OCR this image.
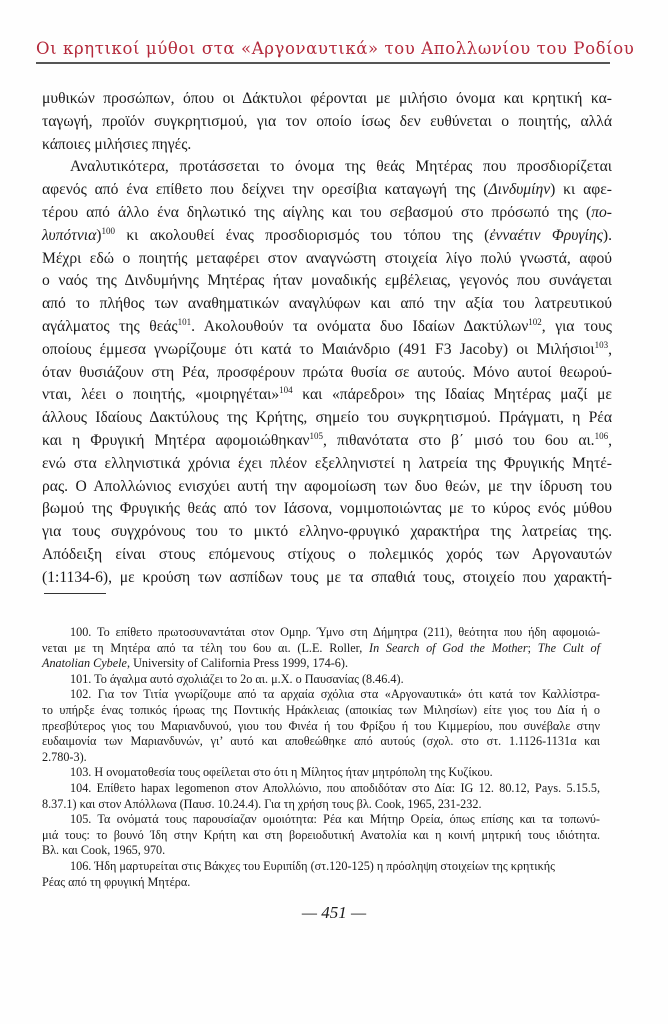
Οι κρητικοί μύθοι στα «Αργοναυτικά» του Απολλωνίου του Ροδίου
μυθικών προσώπων, όπου οι Δάκτυλοι φέρονται με μιλήσιο όνομα και κρητική κα-
ταγωγή, προϊόν συγκρητισμού, για τον οποίο ίσως δεν ευθύνεται ο ποιητής, αλλά
κάποιες μιλήσιες πηγές.
Αναλυτικότερα, προτάσσεται το όνομα της θεάς Μητέρας που προσδιορίζεται
αφενός από ένα επίθετο που δείχνει την ορεσίβια καταγωγή της (Δινδυμίην) κι αφε-
τέρου από άλλο ένα δηλωτικό της αίγλης και του σεβασμού στο πρόσωπό της (πο-
λυπότνια)$^{100}$ κι ακολουθεί ένας προσδιορισμός του τόπου της (ἐνναέτιν Φρυγίης).
Μέχρι εδώ ο ποιητής μεταφέρει στον αναγνώστη στοιχεία λίγο πολύ γνωστά, αφού
ο ναός της Δινδυμήνης Μητέρας ήταν μοναδικής εμβέλειας, γεγονός που συνάγεται
από το πλήθος των αναθηματικών αναγλύφων και από την αξία του λατρευτικού
αγάλματος της θεάς$^{101}$. Ακολουθούν τα ονόματα δυο Ιδαίων Δακτύλων$^{102}$, για τους
οποίους έμμεσα γνωρίζουμε ότι κατά το Μαιάνδριο (491 F3 Jacoby) οι Μιλήσιοι$^{103}$,
όταν θυσιάζουν στη Ρέα, προσφέρουν πρώτα θυσία σε αυτούς. Μόνο αυτοί θεωρού-
νται, λέει ο ποιητής, «μοιρηγέται»$^{104}$ και «πάρεδροι» της Ιδαίας Μητέρας μαζί με
άλλους Ιδαίους Δακτύλους της Κρήτης, σημείο του συγκρητισμού. Πράγματι, η Ρέα
και η Φρυγική Μητέρα αφομοιώθηκαν$^{105}$, πιθανότατα στο β΄ μισό του 6ου αι.$^{106}$,
ενώ στα ελληνιστικά χρόνια έχει πλέον εξελληνιστεί η λατρεία της Φρυγικής Μητέ-
ρας. Ο Απολλώνιος ενισχύει αυτή την αφομοίωση των δυο θεών, με την ίδρυση του
βωμού της Φρυγικής θεάς από τον Ιάσονα, νομιμοποιώντας με το κύρος ενός μύθου
για τους συγχρόνους του το μικτό ελληνο-φρυγικό χαρακτήρα της λατρείας της.
Απόδειξη είναι στους επόμενους στίχους ο πολεμικός χορός των Αργοναυτών
(1:1134-6), με κρούση των ασπίδων τους με τα σπαθιά τους, στοιχείο που χαρακτή-
100. Το επίθετο πρωτοσυναντάται στον Ομηρ. Ύμνο στη Δήμητρα (211), θεότητα που ήδη αφομοιώ-
νεται με τη Μητέρα από τα τέλη του 6ου αι. (L.E. Roller, In Search of God the Mother; The Cult of
Anatolian Cybele, University of California Press 1999, 174-6).
101. Το άγαλμα αυτό σχολιάζει το 2ο αι. μ.Χ. ο Παυσανίας (8.46.4).
102. Για τον Τιτία γνωρίζουμε από τα αρχαία σχόλια στα «Αργοναυτικά» ότι κατά τον Καλλίστρα-
το υπήρξε ένας τοπικός ήρωας της Ποντικής Ηράκλειας (αποικίας των Μιλησίων) είτε γιος του Δία ή ο
πρεσβύτερος γιος του Μαριανδυνού, γιου του Φινέα ή του Φρίξου ή του Κιμμερίου, που συνέβαλε στην
ευδαιμονία των Μαριανδυνών, γι’ αυτό και αποθεώθηκε από αυτούς (σχολ. στο στ. 1.1126-1131α και
2.780-3).
103. Η ονοματοθεσία τους οφείλεται στο ότι η Μίλητος ήταν μητρόπολη της Κυζίκου.
104. Επίθετο hapax legomenon στον Απολλώνιο, που αποδιδόταν στο Δία: IG 12. 80.12, Pays. 5.15.5,
8.37.1) και στον Απόλλωνα (Παυσ. 10.24.4). Για τη χρήση τους βλ. Cook, 1965, 231-232.
105. Τα ονόματά τους παρουσίαζαν ομοιότητα: Ρέα και Μήτηρ Ορεία, όπως επίσης και τα τοπωνύ-
μιά τους: το βουνό Ίδη στην Κρήτη και στη βορειοδυτική Ανατολία και η κοινή μητρική τους ιδιότητα.
Βλ. και Cook, 1965, 970.
106. Ήδη μαρτυρείται στις Βάκχες του Ευριπίδη (στ.120-125) η πρόσληψη στοιχείων της κρητικής
Ρέας από τη φρυγική Μητέρα.
— 451 —
